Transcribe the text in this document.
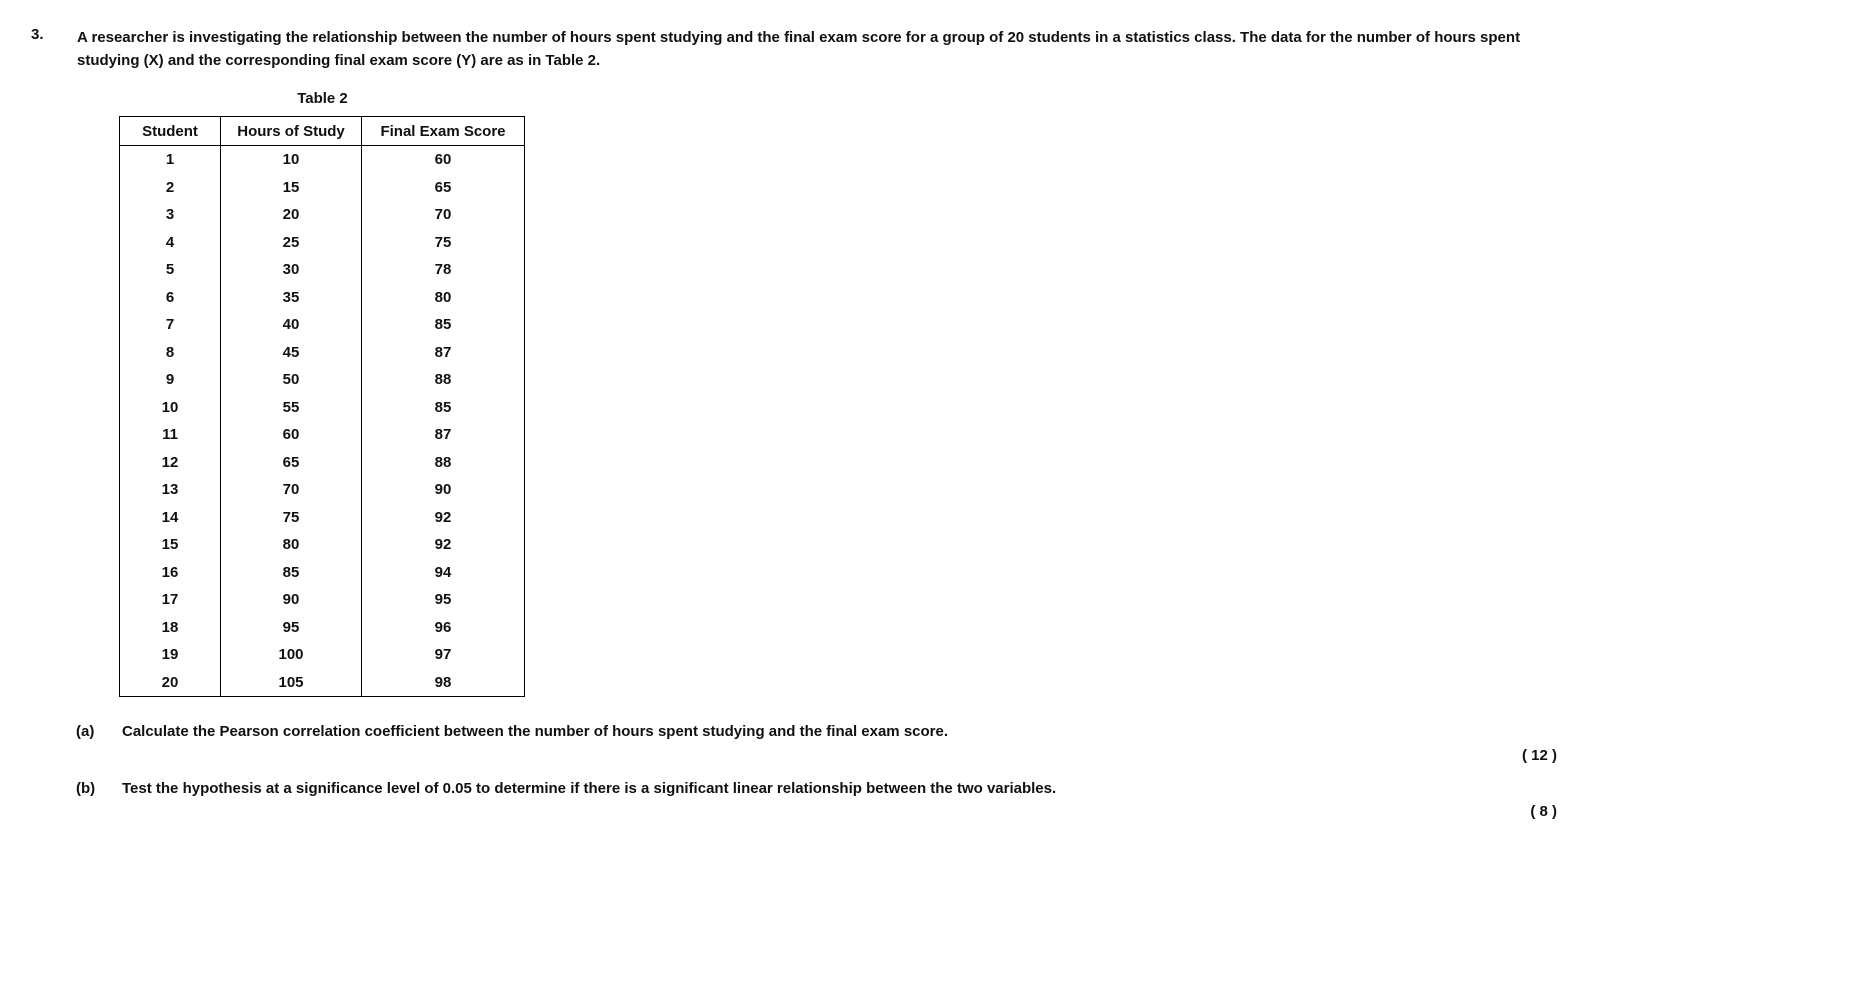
3. A researcher is investigating the relationship between the number of hours spent studying and the final exam score for a group of 20 students in a statistics class. The data for the number of hours spent studying (X) and the corresponding final exam score (Y) are as in Table 2.
Table 2
Student	Hours of Study	Final Exam Score
1	10	60
2	15	65
3	20	70
4	25	75
5	30	78
6	35	80
7	40	85
8	45	87
9	50	88
10	55	85
11	60	87
12	65	88
13	70	90
14	75	92
15	80	92
16	85	94
17	90	95
18	95	96
19	100	97
20	105	98
(a) Calculate the Pearson correlation coefficient between the number of hours spent studying and the final exam score.
( 12 )
(b) Test the hypothesis at a significance level of 0.05 to determine if there is a significant linear relationship between the two variables.
( 8 )
